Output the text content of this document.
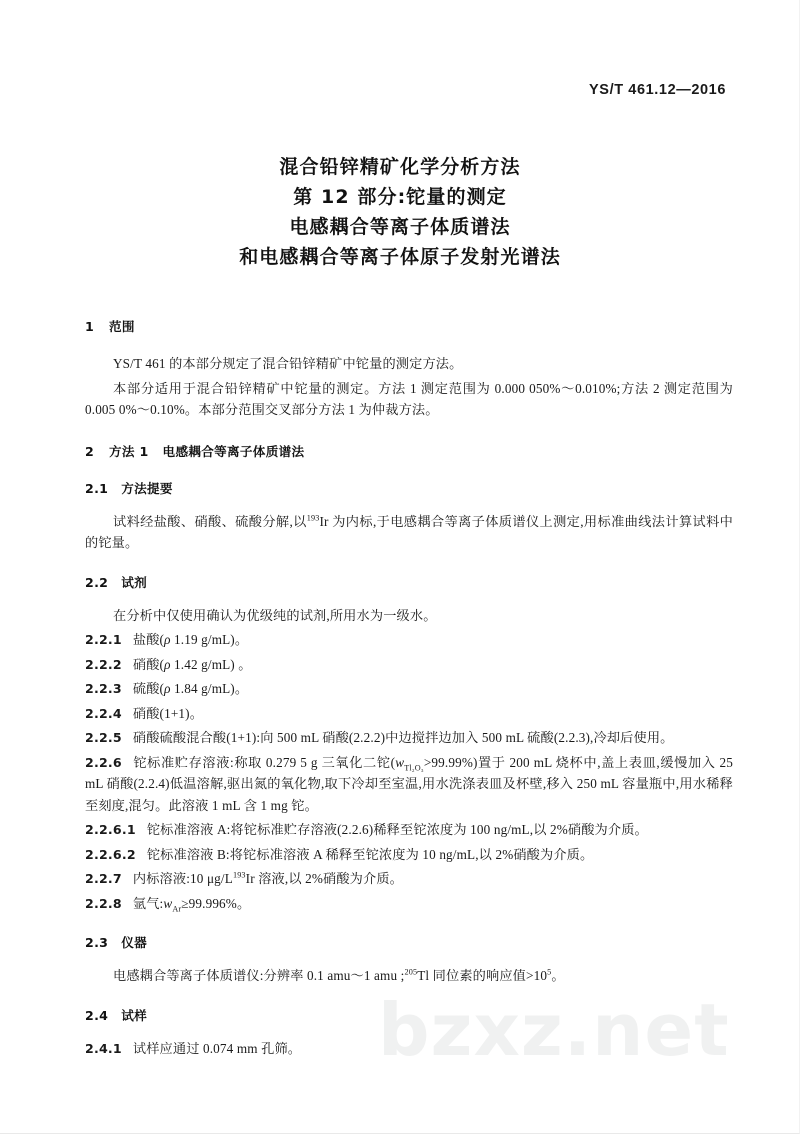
bzxz.net
YS/T 461.12—2016
混合铅锌精矿化学分析方法
第 12 部分:铊量的测定
电感耦合等离子体质谱法
和电感耦合等离子体原子发射光谱法
1 范围

YS/T 461 的本部分规定了混合铅锌精矿中铊量的测定方法。

本部分适用于混合铅锌精矿中铊量的测定。方法 1 测定范围为 0.000 050%～0.010%;方法 2 测定范围为 0.005 0%～0.10%。本部分范围交叉部分方法 1 为仲裁方法。

2 方法 1 电感耦合等离子体质谱法
2.1 方法提要

试料经盐酸、硝酸、硫酸分解,以$^{193}$Ir 为内标,于电感耦合等离子体质谱仪上测定,用标准曲线法计算试料中的铊量。

2.2 试剂

在分析中仅使用确认为优级纯的试剂,所用水为一级水。

2.2.1 盐酸(ρ 1.19 g/mL)。

2.2.2 硝酸(ρ 1.42 g/mL) 。

2.2.3 硫酸(ρ 1.84 g/mL)。

2.2.4 硝酸(1+1)。

2.2.5 硝酸硫酸混合酸(1+1):向 500 mL 硝酸(2.2.2)中边搅拌边加入 500 mL 硫酸(2.2.3),冷却后使用。

2.2.6 铊标准贮存溶液:称取 0.279 5 g 三氧化二铊$(w_{Tl_2O_3}>99.99\%)$置于 200 mL 烧杯中,盖上表皿,缓慢加入 25 mL 硝酸(2.2.4)低温溶解,驱出氮的氧化物,取下冷却至室温,用水洗涤表皿及杯壁,移入 250 mL 容量瓶中,用水稀释至刻度,混匀。此溶液 1 mL 含 1 mg 铊。

2.2.6.1 铊标准溶液 A:将铊标准贮存溶液(2.2.6)稀释至铊浓度为 100 ng/mL,以 2%硝酸为介质。

2.2.6.2 铊标准溶液 B:将铊标准溶液 A 稀释至铊浓度为 10 ng/mL,以 2%硝酸为介质。

2.2.7 内标溶液:10 $\mu g/L^{193}Ir$ 溶液,以 2%硝酸为介质。

2.2.8 氩气$:w_{Ar}\ge 99.996\%$。

2.3 仪器

电感耦合等离子体质谱仪:分辨率 0.1 amu～1 amu ;$^{205}$Tl 同位素的响应值$>10^5$。

2.4 试样

2.4.1 试样应通过 0.074 mm 孔筛。
